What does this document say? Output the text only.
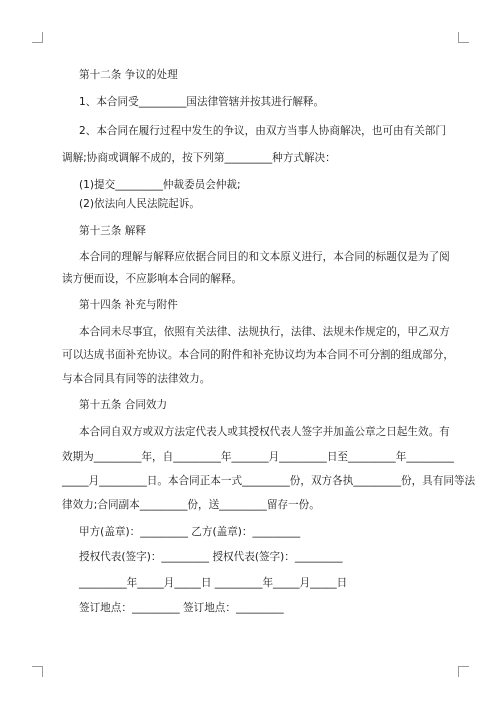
第十二条 争议的处理
1、本合同受_________国法律管辖并按其进行解释。
2、本合同在履行过程中发生的争议，由双方当事人协商解决，也可由有关部门
调解;协商或调解不成的，按下列第_________种方式解决：
(1)提交_________仲裁委员会仲裁;
(2)依法向人民法院起诉。
第十三条 解释
本合同的理解与解释应依据合同目的和文本原义进行，本合同的标题仅是为了阅
读方便而设，不应影响本合同的解释。
第十四条 补充与附件
本合同未尽事宜，依照有关法律、法规执行，法律、法规未作规定的，甲乙双方
可以达成书面补充协议。本合同的附件和补充协议均为本合同不可分割的组成部分，
与本合同具有同等的法律效力。
第十五条 合同效力
本合同自双方或双方法定代表人或其授权代表人签字并加盖公章之日起生效。有
效期为_________年，自_________年_______月_________日至_________年_________
_____月_________日。本合同正本一式_________份，双方各执_________份，具有同等法
律效力;合同副本_________份，送_________留存一份。
甲方(盖章)：_________ 乙方(盖章)：_________
授权代表(签字)：_________ 授权代表(签字)：_________
_________年_____月_____日 _________年_____月_____日
签订地点：_________ 签订地点：_________
